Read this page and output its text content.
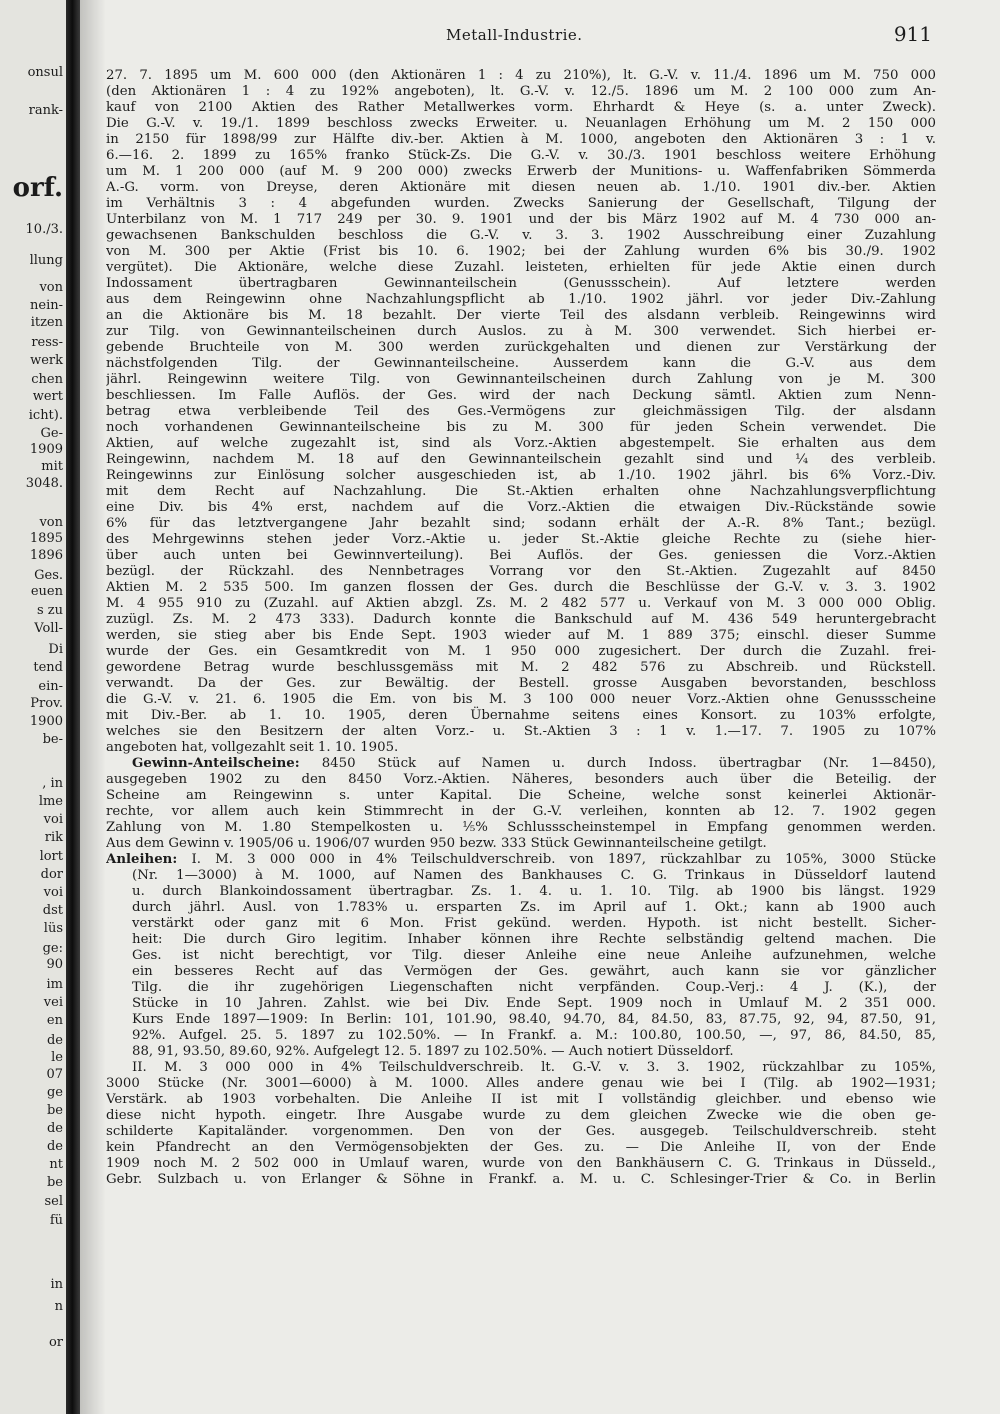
onsul
rank-
orf.
10./3.
llung
von
nein-
itzen
ress-
werk
chen
wert
icht).
Ge-
1909
mit
3048.
von
1895
1896
Ges.
euen
s zu
Voll-
Di
tend
ein-
Prov.
1900
be-
, in
lme
voi
rik
lort
dor
voi
dst
lüs
ge:
90
im
vei
en
de
le
07
ge
be
de
de
nt
be
sel
fü
in
n
or
Metall-Industrie.	911
27. 7. 1895 um M. 600 000 (den Aktionären 1 : 4 zu 210%), lt. G.-V. v. 11./4. 1896 um M. 750 000
(den Aktionären 1 : 4 zu 192% angeboten), lt. G.-V. v. 12./5. 1896 um M. 2 100 000 zum An-
kauf von 2100 Aktien des Rather Metallwerkes vorm. Ehrhardt & Heye (s. a. unter Zweck).
Die G.-V. v. 19./1. 1899 beschloss zwecks Erweiter. u. Neuanlagen Erhöhung um M. 2 150 000
in 2150 für 1898/99 zur Hälfte div.-ber. Aktien à M. 1000, angeboten den Aktionären 3 : 1 v.
6.—16. 2. 1899 zu 165% franko Stück-Zs. Die G.-V. v. 30./3. 1901 beschloss weitere Erhöhung
um M. 1 200 000 (auf M. 9 200 000) zwecks Erwerb der Munitions- u. Waffenfabriken Sömmerda
A.-G. vorm. von Dreyse, deren Aktionäre mit diesen neuen ab. 1./10. 1901 div.-ber. Aktien
im Verhältnis 3 : 4 abgefunden wurden. Zwecks Sanierung der Gesellschaft, Tilgung der
Unterbilanz von M. 1 717 249 per 30. 9. 1901 und der bis März 1902 auf M. 4 730 000 an-
gewachsenen Bankschulden beschloss die G.-V. v. 3. 3. 1902 Ausschreibung einer Zuzahlung
von M. 300 per Aktie (Frist bis 10. 6. 1902; bei der Zahlung wurden 6% bis 30./9. 1902
vergütet). Die Aktionäre, welche diese Zuzahl. leisteten, erhielten für jede Aktie einen durch
Indossament übertragbaren Gewinnanteilschein (Genussschein). Auf letztere werden
aus dem Reingewinn ohne Nachzahlungspflicht ab 1./10. 1902 jährl. vor jeder Div.-Zahlung
an die Aktionäre bis M. 18 bezahlt. Der vierte Teil des alsdann verbleib. Reingewinns wird
zur Tilg. von Gewinnanteilscheinen durch Auslos. zu à M. 300 verwendet. Sich hierbei er-
gebende Bruchteile von M. 300 werden zurückgehalten und dienen zur Verstärkung der
nächstfolgenden Tilg. der Gewinnanteilscheine. Ausserdem kann die G.-V. aus dem
jährl. Reingewinn weitere Tilg. von Gewinnanteilscheinen durch Zahlung von je M. 300
beschliessen. Im Falle Auflös. der Ges. wird der nach Deckung sämtl. Aktien zum Nenn-
betrag etwa verbleibende Teil des Ges.-Vermögens zur gleichmässigen Tilg. der alsdann
noch vorhandenen Gewinnanteilscheine bis zu M. 300 für jeden Schein verwendet. Die
Aktien, auf welche zugezahlt ist, sind als Vorz.-Aktien abgestempelt. Sie erhalten aus dem
Reingewinn, nachdem M. 18 auf den Gewinnanteilschein gezahlt sind und ¼ des verbleib.
Reingewinns zur Einlösung solcher ausgeschieden ist, ab 1./10. 1902 jährl. bis 6% Vorz.-Div.
mit dem Recht auf Nachzahlung. Die St.-Aktien erhalten ohne Nachzahlungsverpflichtung
eine Div. bis 4% erst, nachdem auf die Vorz.-Aktien die etwaigen Div.-Rückstände sowie
6% für das letztvergangene Jahr bezahlt sind; sodann erhält der A.-R. 8% Tant.; bezügl.
des Mehrgewinns stehen jeder Vorz.-Aktie u. jeder St.-Aktie gleiche Rechte zu (siehe hier-
über auch unten bei Gewinnverteilung). Bei Auflös. der Ges. geniessen die Vorz.-Aktien
bezügl. der Rückzahl. des Nennbetrages Vorrang vor den St.-Aktien. Zugezahlt auf 8450
Aktien M. 2 535 500. Im ganzen flossen der Ges. durch die Beschlüsse der G.-V. v. 3. 3. 1902
M. 4 955 910 zu (Zuzahl. auf Aktien abzgl. Zs. M. 2 482 577 u. Verkauf von M. 3 000 000 Oblig.
zuzügl. Zs. M. 2 473 333). Dadurch konnte die Bankschuld auf M. 436 549 heruntergebracht
werden, sie stieg aber bis Ende Sept. 1903 wieder auf M. 1 889 375; einschl. dieser Summe
wurde der Ges. ein Gesamtkredit von M. 1 950 000 zugesichert. Der durch die Zuzahl. frei-
gewordene Betrag wurde beschlussgemäss mit M. 2 482 576 zu Abschreib. und Rückstell.
verwandt. Da der Ges. zur Bewältig. der Bestell. grosse Ausgaben bevorstanden, beschloss
die G.-V. v. 21. 6. 1905 die Em. von bis M. 3 100 000 neuer Vorz.-Aktien ohne Genussscheine
mit Div.-Ber. ab 1. 10. 1905, deren Übernahme seitens eines Konsort. zu 103% erfolgte,
welches sie den Besitzern der alten Vorz.- u. St.-Aktien 3 : 1 v. 1.—17. 7. 1905 zu 107%
angeboten hat, vollgezahlt seit 1. 10. 1905.
Gewinn-Anteilscheine: 8450 Stück auf Namen u. durch Indoss. übertragbar (Nr. 1—8450),
ausgegeben 1902 zu den 8450 Vorz.-Aktien. Näheres, besonders auch über die Beteilig. der
Scheine am Reingewinn s. unter Kapital. Die Scheine, welche sonst keinerlei Aktionär-
rechte, vor allem auch kein Stimmrecht in der G.-V. verleihen, konnten ab 12. 7. 1902 gegen
Zahlung von M. 1.80 Stempelkosten u. ⅕% Schlussscheinstempel in Empfang genommen werden.
Aus dem Gewinn v. 1905/06 u. 1906/07 wurden 950 bezw. 333 Stück Gewinnanteilscheine getilgt.
Anleihen: I. M. 3 000 000 in 4% Teilschuldverschreib. von 1897, rückzahlbar zu 105%, 3000 Stücke
(Nr. 1—3000) à M. 1000, auf Namen des Bankhauses C. G. Trinkaus in Düsseldorf lautend
u. durch Blankoindossament übertragbar. Zs. 1. 4. u. 1. 10. Tilg. ab 1900 bis längst. 1929
durch jährl. Ausl. von 1.783% u. ersparten Zs. im April auf 1. Okt.; kann ab 1900 auch
verstärkt oder ganz mit 6 Mon. Frist gekünd. werden. Hypoth. ist nicht bestellt. Sicher-
heit: Die durch Giro legitim. Inhaber können ihre Rechte selbständig geltend machen. Die
Ges. ist nicht berechtigt, vor Tilg. dieser Anleihe eine neue Anleihe aufzunehmen, welche
ein besseres Recht auf das Vermögen der Ges. gewährt, auch kann sie vor gänzlicher
Tilg. die ihr zugehörigen Liegenschaften nicht verpfänden. Coup.-Verj.: 4 J. (K.), der
Stücke in 10 Jahren. Zahlst. wie bei Div. Ende Sept. 1909 noch in Umlauf M. 2 351 000.
Kurs Ende 1897—1909: In Berlin: 101, 101.90, 98.40, 94.70, 84, 84.50, 83, 87.75, 92, 94, 87.50, 91,
92%. Aufgel. 25. 5. 1897 zu 102.50%. — In Frankf. a. M.: 100.80, 100.50, —, 97, 86, 84.50, 85,
88, 91, 93.50, 89.60, 92%. Aufgelegt 12. 5. 1897 zu 102.50%. — Auch notiert Düsseldorf.
II. M. 3 000 000 in 4% Teilschuldverschreib. lt. G.-V. v. 3. 3. 1902, rückzahlbar zu 105%,
3000 Stücke (Nr. 3001—6000) à M. 1000. Alles andere genau wie bei I (Tilg. ab 1902—1931;
Verstärk. ab 1903 vorbehalten. Die Anleihe II ist mit I vollständig gleichber. und ebenso wie
diese nicht hypoth. eingetr. Ihre Ausgabe wurde zu dem gleichen Zwecke wie die oben ge-
schilderte Kapitaländer. vorgenommen. Den von der Ges. ausgegeb. Teilschuldverschreib. steht
kein Pfandrecht an den Vermögensobjekten der Ges. zu. — Die Anleihe II, von der Ende
1909 noch M. 2 502 000 in Umlauf waren, wurde von den Bankhäusern C. G. Trinkaus in Düsseld.,
Gebr. Sulzbach u. von Erlanger & Söhne in Frankf. a. M. u. C. Schlesinger-Trier & Co. in Berlin
